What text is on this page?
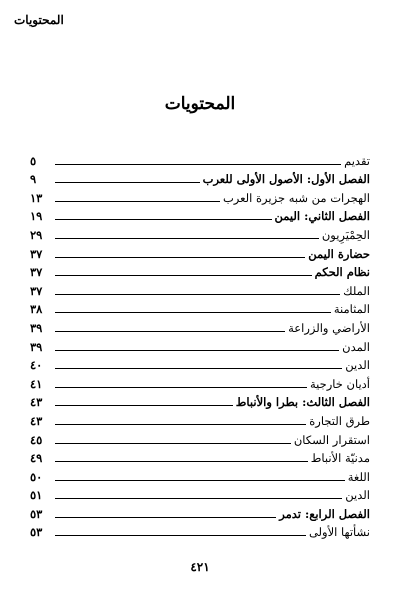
المحتويات
المحتويات
تقديم
٥
الفصل الأول: الأصول الأولى للعرب
٩
الهجرات من شبه جزيرة العرب
١٣
الفصل الثاني: اليمن
١٩
الحِمْيَرِيون
٢٩
حضارة اليمن
٣٧
نظام الحكم
٣٧
الملك
٣٧
المثامنة
٣٨
الأراضي والزراعة
٣٩
المدن
٣٩
الدين
٤٠
أديان خارجية
٤١
الفصل الثالث: بطرا والأنباط
٤٣
طرق التجارة
٤٣
استقرار السكان
٤٥
مدنيّة الأنباط
٤٩
اللغة
٥٠
الدين
٥١
الفصل الرابع: تدمر
٥٣
نشأتها الأولى
٥٣
٤٢١
